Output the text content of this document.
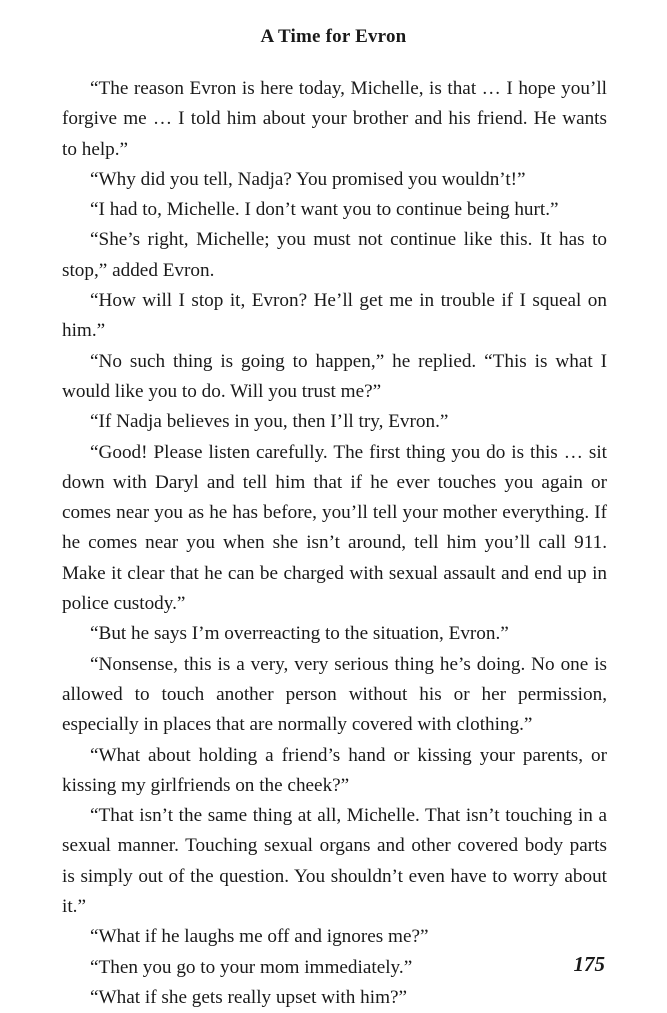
A Time for Evron

“The reason Evron is here today, Michelle, is that … I hope you’ll forgive me … I told him about your brother and his friend. He wants to help.”

“Why did you tell, Nadja? You promised you wouldn’t!”

“I had to, Michelle. I don’t want you to continue being hurt.”

“She’s right, Michelle; you must not continue like this. It has to stop,” added Evron.

“How will I stop it, Evron? He’ll get me in trouble if I squeal on him.”

“No such thing is going to happen,” he replied. “This is what I would like you to do. Will you trust me?”

“If Nadja believes in you, then I’ll try, Evron.”

“Good! Please listen carefully. The first thing you do is this … sit down with Daryl and tell him that if he ever touches you again or comes near you as he has before, you’ll tell your mother everything. If he comes near you when she isn’t around, tell him you’ll call 911. Make it clear that he can be charged with sexual assault and end up in police custody.”

“But he says I’m overreacting to the situation, Evron.”

“Nonsense, this is a very, very serious thing he’s doing. No one is allowed to touch another person without his or her permission, especially in places that are normally covered with clothing.”

“What about holding a friend’s hand or kissing your parents, or kissing my girlfriends on the cheek?”

“That isn’t the same thing at all, Michelle. That isn’t touching in a sexual manner. Touching sexual organs and other covered body parts is simply out of the question. You shouldn’t even have to worry about it.”

“What if he laughs me off and ignores me?”

“Then you go to your mom immediately.”

“What if she gets really upset with him?”

175
